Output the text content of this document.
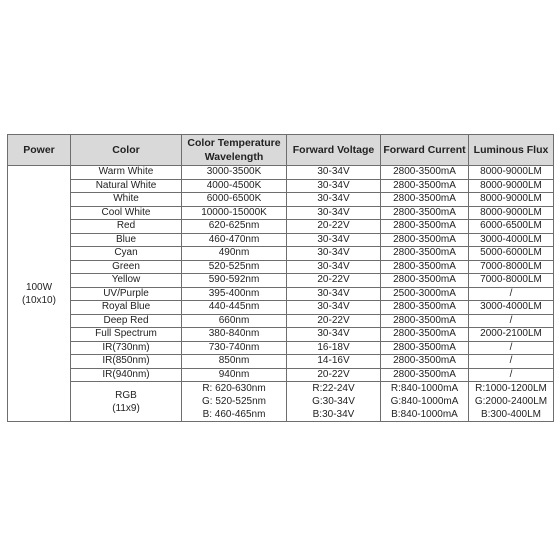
Power	Color	Color Temperature Wavelength	Forward Voltage	Forward Current	Luminous Flux

100W
(10x10)	Warm White	3000-3500K	30-34V	2800-3500mA	8000-9000LM
	Natural White	4000-4500K	30-34V	2800-3500mA	8000-9000LM
	White	6000-6500K	30-34V	2800-3500mA	8000-9000LM
	Cool White	10000-15000K	30-34V	2800-3500mA	8000-9000LM
	Red	620-625nm	20-22V	2800-3500mA	6000-6500LM
	Blue	460-470nm	30-34V	2800-3500mA	3000-4000LM
	Cyan	490nm	30-34V	2800-3500mA	5000-6000LM
	Green	520-525nm	30-34V	2800-3500mA	7000-8000LM
	Yellow	590-592nm	20-22V	2800-3500mA	7000-8000LM
	UV/Purple	395-400nm	30-34V	2500-3000mA	/
	Royal Blue	440-445nm	30-34V	2800-3500mA	3000-4000LM
	Deep Red	660nm	20-22V	2800-3500mA	/
	Full Spectrum	380-840nm	30-34V	2800-3500mA	2000-2100LM
	IR(730nm)	730-740nm	16-18V	2800-3500mA	/
	IR(850nm)	850nm	14-16V	2800-3500mA	/
	IR(940nm)	940nm	20-22V	2800-3500mA	/

	RGB
(11x9)	R: 620-630nm
G: 520-525nm
B: 460-465nm	R:22-24V
G:30-34V
B:30-34V	R:840-1000mA
G:840-1000mA
B:840-1000mA	R:1000-1200LM
G:2000-2400LM
B:300-400LM
